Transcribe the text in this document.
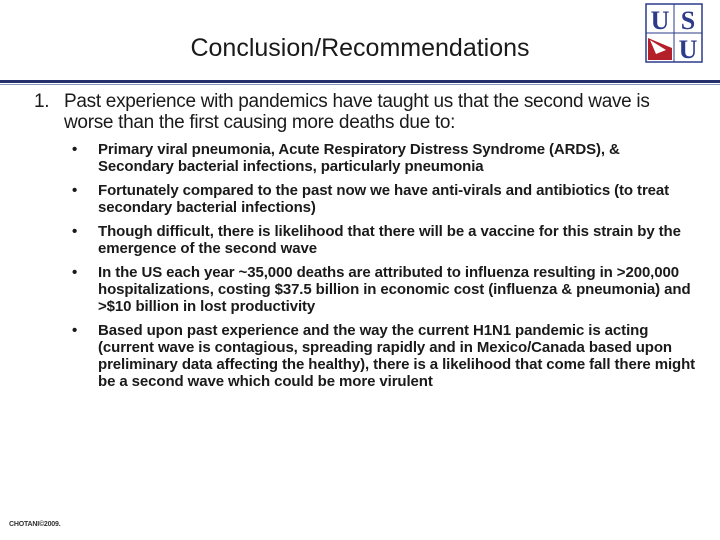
Conclusion/Recommendations
U S
U
1. Past experience with pandemics have taught us that the second wave is worse than the first causing more deaths due to:
• Primary viral pneumonia, Acute Respiratory Distress Syndrome (ARDS), & Secondary bacterial infections, particularly pneumonia
• Fortunately compared to the past now we have anti-virals and antibiotics (to treat secondary bacterial infections)
• Though difficult, there is likelihood that there will be a vaccine for this strain by the emergence of the second wave
• In the US each year ~35,000 deaths are attributed to influenza resulting in >200,000 hospitalizations, costing $37.5 billion in economic cost (influenza & pneumonia) and >$10 billion in lost productivity
• Based upon past experience and the way the current H1N1 pandemic is acting (current wave is contagious, spreading rapidly and in Mexico/Canada based upon preliminary data affecting the healthy), there is a likelihood that come fall there might be a second wave which could be more virulent
CHOTANI©2009.
